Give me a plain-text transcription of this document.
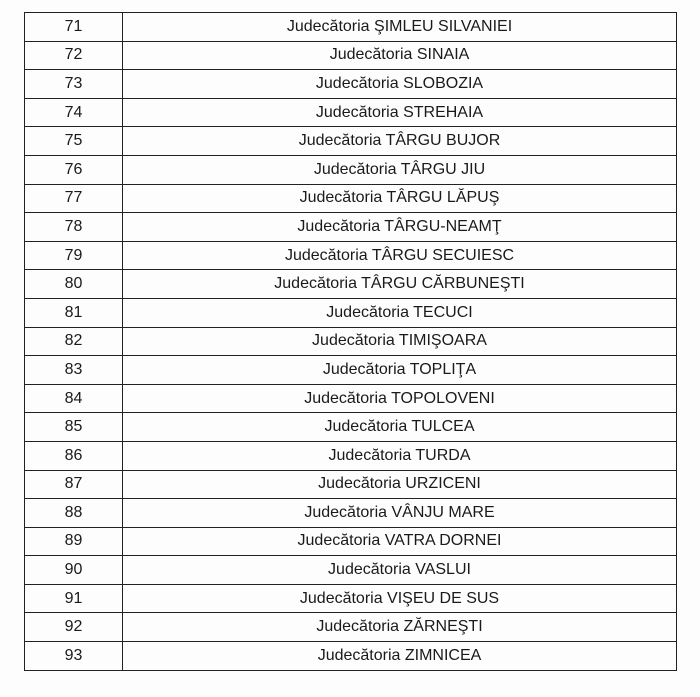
71	Judecătoria ŞIMLEU SILVANIEI
72	Judecătoria SINAIA
73	Judecătoria SLOBOZIA
74	Judecătoria STREHAIA
75	Judecătoria TÂRGU BUJOR
76	Judecătoria TÂRGU JIU
77	Judecătoria TÂRGU LĂPUŞ
78	Judecătoria TÂRGU-NEAMŢ
79	Judecătoria TÂRGU SECUIESC
80	Judecătoria TÂRGU CĂRBUNEŞTI
81	Judecătoria TECUCI
82	Judecătoria TIMIŞOARA
83	Judecătoria TOPLIŢA
84	Judecătoria TOPOLOVENI
85	Judecătoria TULCEA
86	Judecătoria TURDA
87	Judecătoria URZICENI
88	Judecătoria VÂNJU MARE
89	Judecătoria VATRA DORNEI
90	Judecătoria VASLUI
91	Judecătoria VIŞEU DE SUS
92	Judecătoria ZĂRNEŞTI
93	Judecătoria ZIMNICEA
